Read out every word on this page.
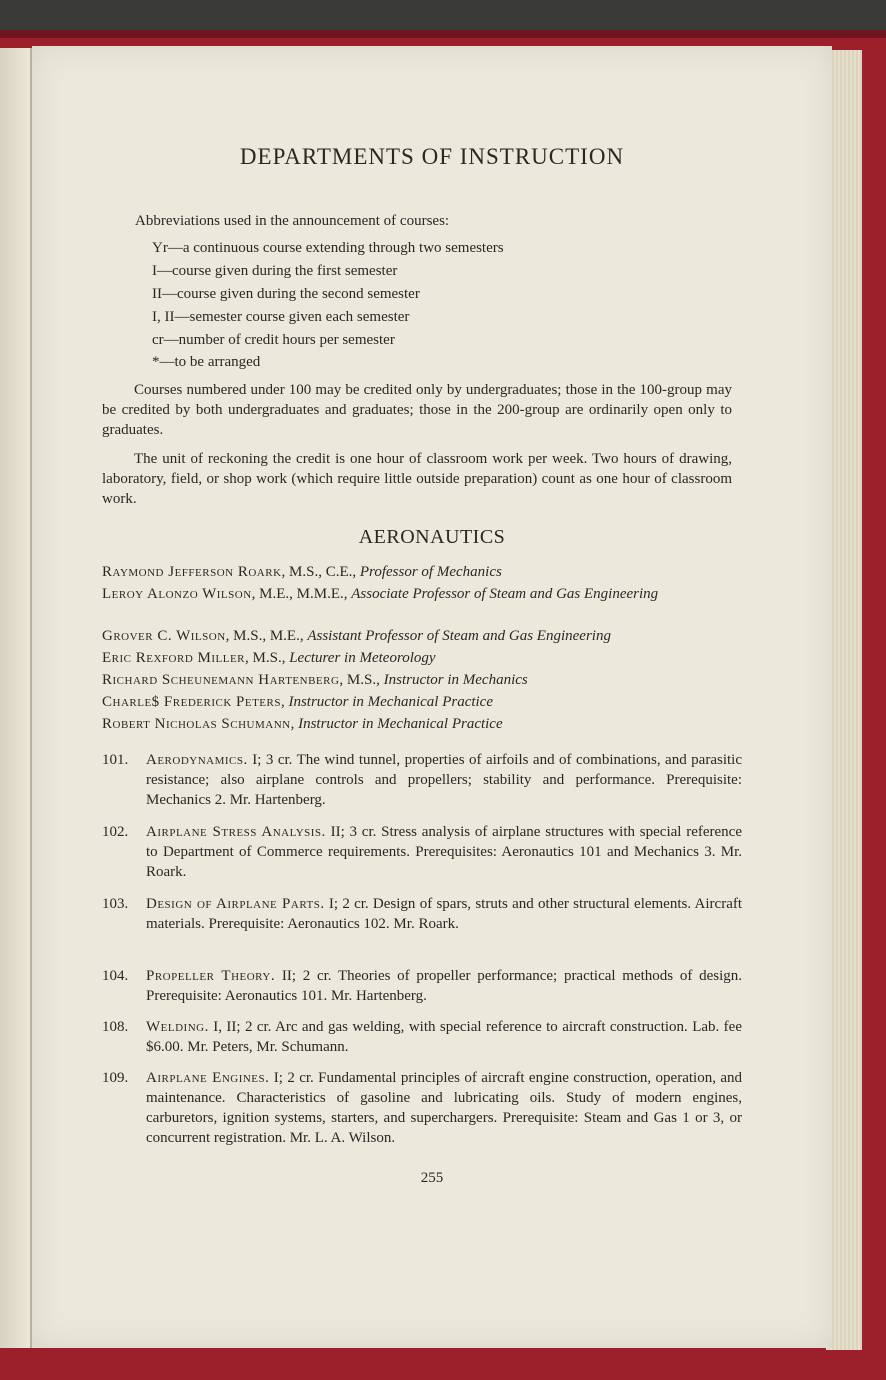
DEPARTMENTS OF INSTRUCTION
Abbreviations used in the announcement of courses:
Yr—a continuous course extending through two semesters
I—course given during the first semester
II—course given during the second semester
I, II—semester course given each semester
cr—number of credit hours per semester
*—to be arranged
Courses numbered under 100 may be credited only by undergraduates; those in the 100-group may be credited by both undergraduates and graduates; those in the 200-group are ordinarily open only to graduates.
The unit of reckoning the credit is one hour of classroom work per week. Two hours of drawing, laboratory, field, or shop work (which require little outside preparation) count as one hour of classroom work.
AERONAUTICS
Raymond Jefferson Roark, M.S., C.E., Professor of Mechanics
Leroy Alonzo Wilson, M.E., M.M.E., Associate Professor of Steam and Gas Engineering
Grover C. Wilson, M.S., M.E., Assistant Professor of Steam and Gas Engineering
Eric Rexford Miller, M.S., Lecturer in Meteorology
Richard Scheunemann Hartenberg, M.S., Instructor in Mechanics
Charle$ Frederick Peters, Instructor in Mechanical Practice
Robert Nicholas Schumann, Instructor in Mechanical Practice
101.	Aerodynamics. I; 3 cr. The wind tunnel, properties of airfoils and of combinations, and parasitic resistance; also airplane controls and propellers; stability and performance. Prerequisite: Mechanics 2. Mr. Hartenberg.
102.	Airplane Stress Analysis. II; 3 cr. Stress analysis of airplane structures with special reference to Department of Commerce requirements. Prerequisites: Aeronautics 101 and Mechanics 3. Mr. Roark.
103.	Design of Airplane Parts. I; 2 cr. Design of spars, struts and other structural elements. Aircraft materials. Prerequisite: Aeronautics 102. Mr. Roark.
104.	Propeller Theory. II; 2 cr. Theories of propeller performance; practical methods of design. Prerequisite: Aeronautics 101. Mr. Hartenberg.
108.	Welding. I, II; 2 cr. Arc and gas welding, with special reference to aircraft construction. Lab. fee $6.00. Mr. Peters, Mr. Schumann.
109.	Airplane Engines. I; 2 cr. Fundamental principles of aircraft engine construction, operation, and maintenance. Characteristics of gasoline and lubricating oils. Study of modern engines, carburetors, ignition systems, starters, and superchargers. Prerequisite: Steam and Gas 1 or 3, or concurrent registration. Mr. L. A. Wilson.
255
